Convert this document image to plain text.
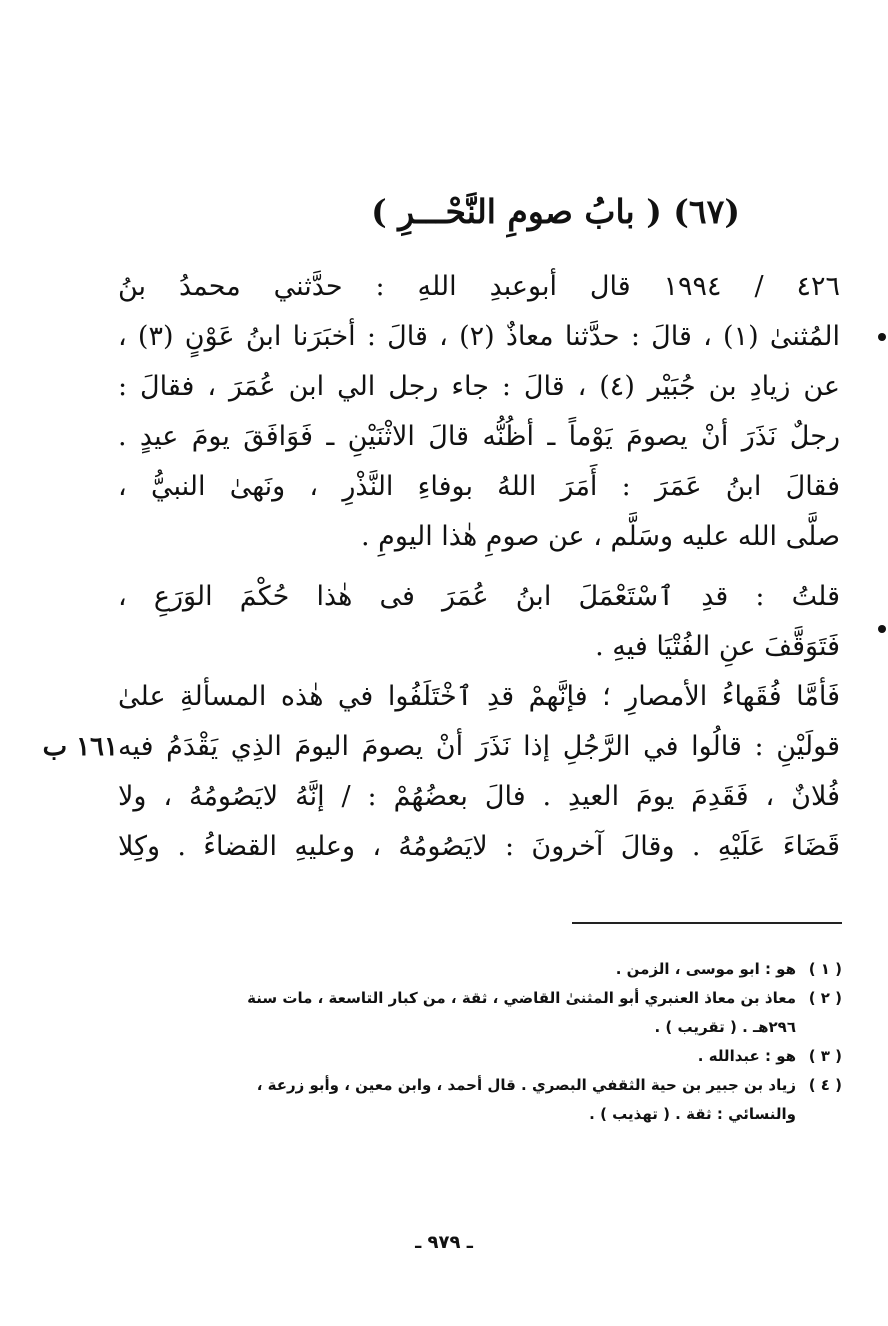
(٦٧) ( بابُ صومِ النَّحْـــرِ )
٤٢٦ / ١٩٩٤ قال أبوعبدِ اللهِ : حدَّثني محمدُ بنُ
المُثنىٰ (١) ، قالَ : حدَّثنا معاذٌ (٢) ، قالَ : أخبَرَنا ابنُ عَوْنٍ (٣) ،
عن زيادِ بن جُبَيْر (٤) ، قالَ : جاء رجل الي ابن عُمَرَ ، فقالَ :
رجلٌ نَذَرَ أنْ يصومَ يَوْماً ـ أظُنُّه قالَ الاثْنَيْنِ ـ فَوَافَقَ يومَ عيدٍ .
فقالَ ابنُ عَمَرَ : أَمَرَ اللهُ بوفاءِ النَّذْرِ ، ونَهىٰ النبيُّ ،
صلَّى الله عليه وسَلَّم ، عن صومِ هٰذا اليومِ .
قلتُ : قدِ ٱسْتَعْمَلَ ابنُ عُمَرَ فى هٰذا حُكْمَ الوَرَعِ ،
فَتَوَقَّفَ عنِ الفُتْيَا فيهِ .
فَأمَّا فُقَهاءُ الأمصارِ ؛ فإنَّهمْ قدِ ٱخْتَلَفُوا في هٰذه المسألةِ علىٰ
قولَيْنِ : قالُوا في الرَّجُلِ إذا نَذَرَ أنْ يصومَ اليومَ الذِي يَقْدَمُ فيه
فُلانٌ ، فَقَدِمَ يومَ العيدِ . فالَ بعضُهُمْ : / إنَّهُ لايَصُومُهُ ، ولا
قَضَاءَ عَلَيْهِ . وقالَ آخرونَ : لايَصُومُهُ ، وعليهِ القضاءُ . وكِلا
١٦١ ب
( ١ )
هو : ابو موسى ، الزمن .
( ٢ )
معاذ بن معاذ العنبري أبو المثنىٰ القاضي ، ثقة ، من كبار التاسعة ، مات سنة
٢٩٦هـ . ( تقريب ) .
( ٣ )
هو : عبدالله .
( ٤ )
زياد بن جبير بن حية الثقفي البصري . قال أحمد ، وابن معين ، وأبو زرعة ،
والنسائي : ثقة . ( تهذيب ) .
ـ ٩٧٩ ـ
